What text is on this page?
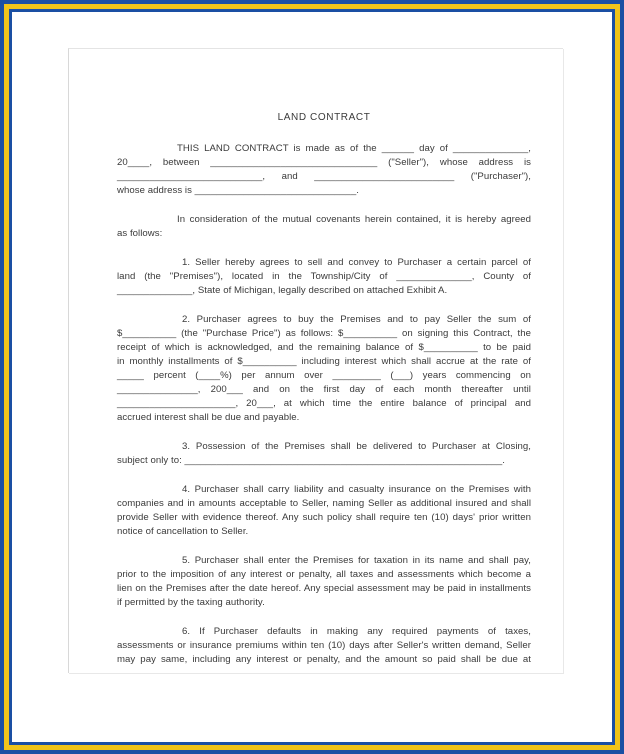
LAND CONTRACT
THIS LAND CONTRACT is made as of the ______ day of ______________,
20____, between _______________________________ ("Seller"), whose address is
___________________________, and __________________________ ("Purchaser"),
whose address is ______________________________.
In consideration of the mutual covenants herein contained, it is hereby agreed
as follows:
1. Seller hereby agrees to sell and convey to Purchaser a certain parcel of
land (the "Premises"), located in the Township/City of ______________, County of
______________, State of Michigan, legally described on attached Exhibit A.
2. Purchaser agrees to buy the Premises and to pay Seller the sum of
$__________ (the "Purchase Price") as follows: $__________ on signing this Contract, the
receipt of which is acknowledged, and the remaining balance of $__________ to be paid
in monthly installments of $__________ including interest which shall accrue at the rate of
_____ percent (____%) per annum over _________ (___) years commencing on
_______________, 200___ and on the first day of each month thereafter until
______________________, 20___, at which time the entire balance of principal and
accrued interest shall be due and payable.
3. Possession of the Premises shall be delivered to Purchaser at Closing,
subject only to: ___________________________________________________________.
4. Purchaser shall carry liability and casualty insurance on the Premises with
companies and in amounts acceptable to Seller, naming Seller as additional insured and shall
provide Seller with evidence thereof. Any such policy shall require ten (10) days' prior written
notice of cancellation to Seller.
5. Purchaser shall enter the Premises for taxation in its name and shall pay,
prior to the imposition of any interest or penalty, all taxes and assessments which become a
lien on the Premises after the date hereof. Any special assessment may be paid in installments
if permitted by the taxing authority.
6. If Purchaser defaults in making any required payments of taxes,
assessments or insurance premiums within ten (10) days after Seller's written demand, Seller
may pay same, including any interest or penalty, and the amount so paid shall be due at
